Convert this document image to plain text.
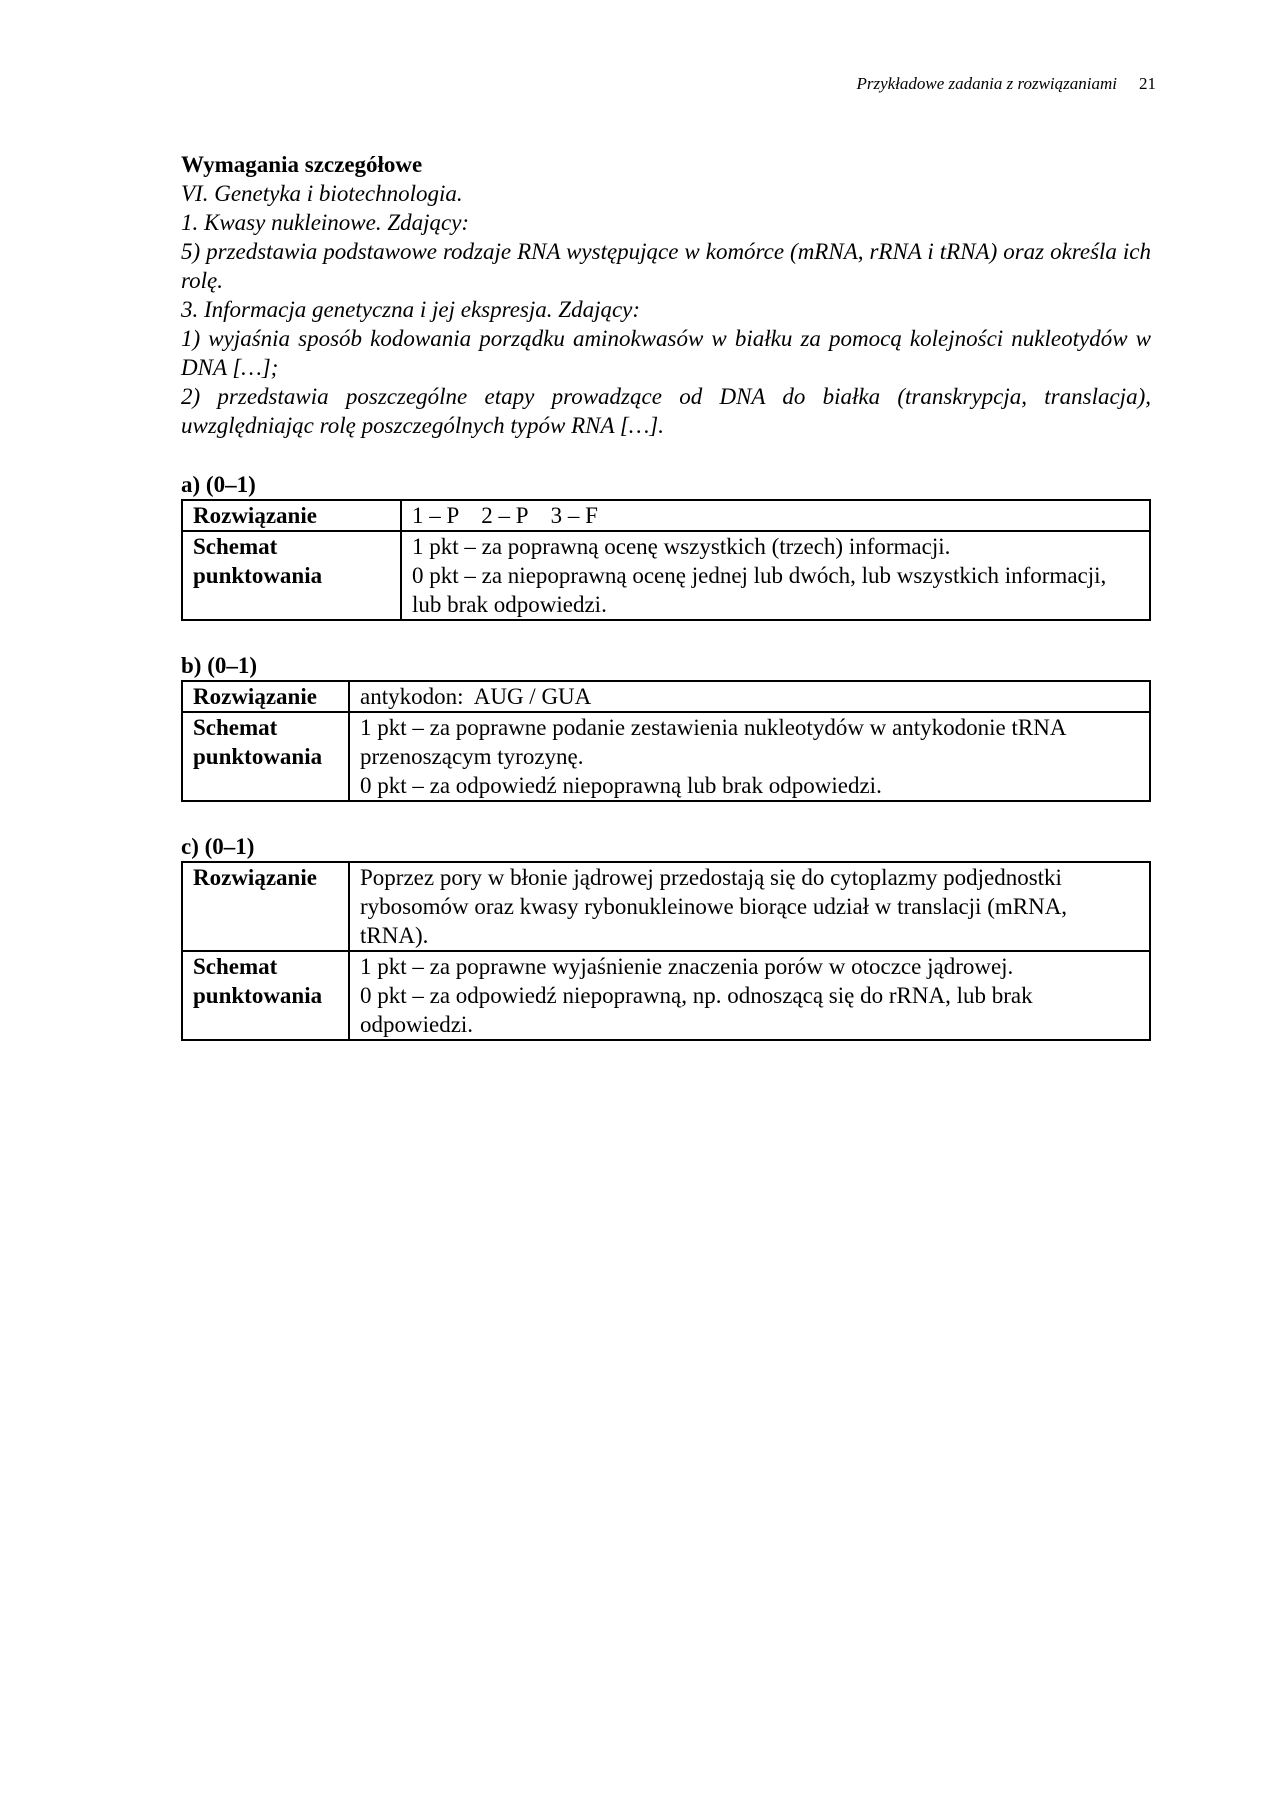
Przykładowe zadania z rozwiązaniami 21
Wymagania szczegółowe
VI. Genetyka i biotechnologia.
1. Kwasy nukleinowe. Zdający:
5) przedstawia podstawowe rodzaje RNA występujące w komórce (mRNA, rRNA i tRNA) oraz określa ich rolę.
3. Informacja genetyczna i jej ekspresja. Zdający:
1) wyjaśnia sposób kodowania porządku aminokwasów w białku za pomocą kolejności nukleotydów w DNA […];
2) przedstawia poszczególne etapy prowadzące od DNA do białka (transkrypcja, translacja), uwzględniając rolę poszczególnych typów RNA […].
a) (0–1)
Rozwiązanie	1 – P 2 – P 3 – F

Schemat
punktowania	1 pkt – za poprawną ocenę wszystkich (trzech) informacji.
0 pkt – za niepoprawną ocenę jednej lub dwóch, lub wszystkich informacji, lub brak odpowiedzi.
b) (0–1)
Rozwiązanie	antykodon:  AUG / GUA

Schemat
punktowania	1 pkt – za poprawne podanie zestawienia nukleotydów w antykodonie tRNA przenoszącym tyrozynę.
0 pkt – za odpowiedź niepoprawną lub brak odpowiedzi.
c) (0–1)
Rozwiązanie	Poprzez pory w błonie jądrowej przedostają się do cytoplazmy podjednostki rybosomów oraz kwasy rybonukleinowe biorące udział w translacji (mRNA, tRNA).

Schemat
punktowania	1 pkt – za poprawne wyjaśnienie znaczenia porów w otoczce jądrowej.
0 pkt – za odpowiedź niepoprawną, np. odnoszącą się do rRNA, lub brak odpowiedzi.
